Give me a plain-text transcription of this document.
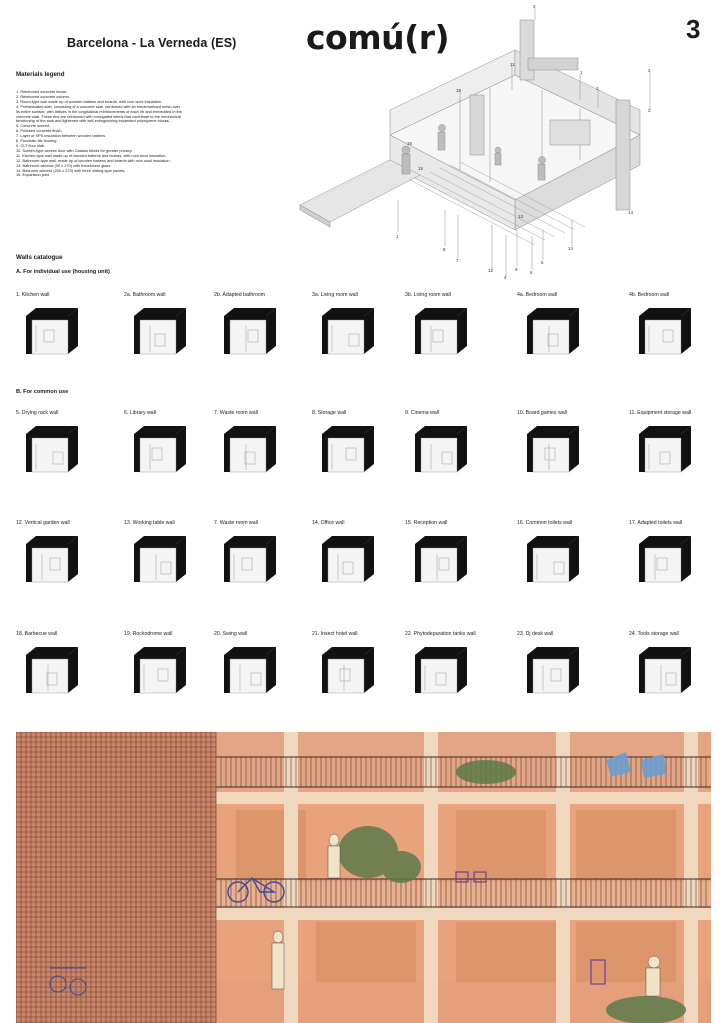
Barcelona - La Verneda (ES) comú(r)	3
Materials legend
1. Reinforced concrete beam.
2. Reinforced concrete column.
3. Room-type wall made up of wooden battens and boards, with rock wool insulation.
4. Prefabricated slab, consisting of a concrete slab, reinforced with an electrowelded mesh over
its entire surface, with lattices in the longitudinal reinforcements of each rib and embedded in the
concrete slab. These ribs are reinforced with corrugated steels that contribute to the mechanical
functioning of the slab and lightened with self-extinguishing expanded polystyrene blocks.
5. Concrete screed.
6. Polished concrete finish.
7. Layer of XPS insulation between wooden battens.
8. Porcelain tile flooring.
9. CLT floor slab.
10. Screen-type access door with Catalan blinds for greater privacy.
11. Kitchen-type wall made up of wooden battens and boards, with rock wool insulation.
12. Bathroom-type wall, made up of wooden battens and boards with rock wool insulation.
13. Bathroom window (90 x 270) with translucent glass.
14. Bedroom window (200 x 270) with three sliding-type panels.
15. Expansion joint.
3
11
1
3
2
18
16
15
1
13
14
8
12
4
7
9
6
5
14
2
Walls catalogue
A. For individual use (housing unit)
B. For common use
1. Kitchen wall	2a. Bathroom wall	2b. Adapted bathroom	3a. Living room wall	3b. Living room wall	4a. Bedroom wall	4b. Bedroom wall
5. Drying rack wall	6. Library wall	7. Waste room wall	8. Storage wall	9. Cinema wall	10. Board games wall	11. Equipment storage wall
12. Vertical garden wall	13. Working table wall	7. Waste room wall	14. Office wall	15. Reception wall	16. Common toilets wall	17. Adapted toilets wall
18. Barbecue wall	19. Rockodrome wall	20. Swing wall	21. Insect hotel wall	22. Phytodepuration tanks wall	23. Dj desk wall	24. Tools storage wall
